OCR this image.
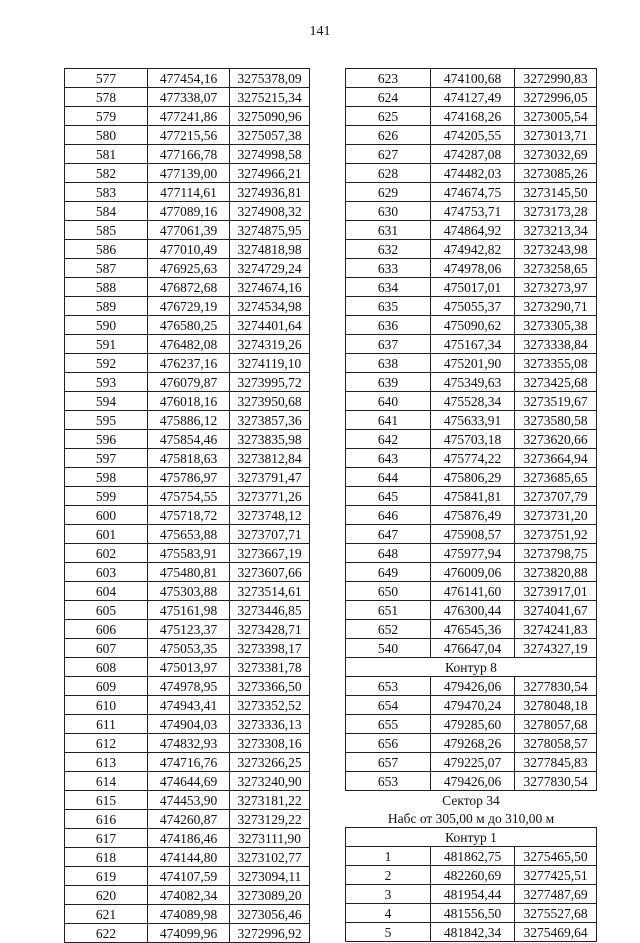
141
577	477454,16	3275378,09
578	477338,07	3275215,34
579	477241,86	3275090,96
580	477215,56	3275057,38
581	477166,78	3274998,58
582	477139,00	3274966,21
583	477114,61	3274936,81
584	477089,16	3274908,32
585	477061,39	3274875,95
586	477010,49	3274818,98
587	476925,63	3274729,24
588	476872,68	3274674,16
589	476729,19	3274534,98
590	476580,25	3274401,64
591	476482,08	3274319,26
592	476237,16	3274119,10
593	476079,87	3273995,72
594	476018,16	3273950,68
595	475886,12	3273857,36
596	475854,46	3273835,98
597	475818,63	3273812,84
598	475786,97	3273791,47
599	475754,55	3273771,26
600	475718,72	3273748,12
601	475653,88	3273707,71
602	475583,91	3273667,19
603	475480,81	3273607,66
604	475303,88	3273514,61
605	475161,98	3273446,85
606	475123,37	3273428,71
607	475053,35	3273398,17
608	475013,97	3273381,78
609	474978,95	3273366,50
610	474943,41	3273352,52
611	474904,03	3273336,13
612	474832,93	3273308,16
613	474716,76	3273266,25
614	474644,69	3273240,90
615	474453,90	3273181,22
616	474260,87	3273129,22
617	474186,46	3273111,90
618	474144,80	3273102,77
619	474107,59	3273094,11
620	474082,34	3273089,20
621	474089,98	3273056,46
622	474099,96	3272996,92
623	474100,68	3272990,83
624	474127,49	3272996,05
625	474168,26	3273005,54
626	474205,55	3273013,71
627	474287,08	3273032,69
628	474482,03	3273085,26
629	474674,75	3273145,50
630	474753,71	3273173,28
631	474864,92	3273213,34
632	474942,82	3273243,98
633	474978,06	3273258,65
634	475017,01	3273273,97
635	475055,37	3273290,71
636	475090,62	3273305,38
637	475167,34	3273338,84
638	475201,90	3273355,08
639	475349,63	3273425,68
640	475528,34	3273519,67
641	475633,91	3273580,58
642	475703,18	3273620,66
643	475774,22	3273664,94
644	475806,29	3273685,65
645	475841,81	3273707,79
646	475876,49	3273731,20
647	475908,57	3273751,92
648	475977,94	3273798,75
649	476009,06	3273820,88
650	476141,60	3273917,01
651	476300,44	3274041,67
652	476545,36	3274241,83
540	476647,04	3274327,19
Контур 8		
653	479426,06	3277830,54
654	479470,24	3278048,18
655	479285,60	3278057,68
656	479268,26	3278058,57
657	479225,07	3277845,83
653	479426,06	3277830,54
Сектор 34		
Набс от 305,00 м до 310,00 м		
Контур 1		
1	481862,75	3275465,50
2	482260,69	3277425,51
3	481954,44	3277487,69
4	481556,50	3275527,68
5	481842,34	3275469,64
